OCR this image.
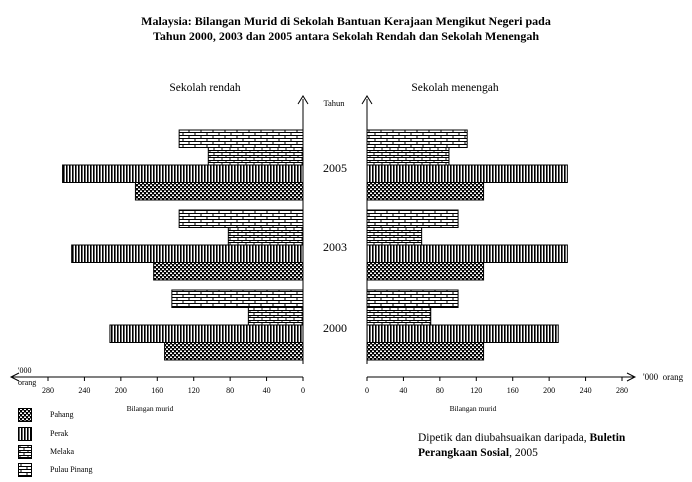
Malaysia: Bilangan Murid di Sekolah Bantuan Kerajaan Mengikut Negeri pada
Tahun 2000, 2003 dan 2005 antara Sekolah Rendah dan Sekolah Menengah
Sekolah rendah	Sekolah menengah
Tahun
'000
orang
'000  orang
Bilangan murid	Bilangan murid
0	0
40	40
80	80
120	120
160	160
200	200
240	240
280	280
2005
2003
2000
Pahang
Perak
Melaka
Pulau Pinang
Dipetik dan diubahsuaikan daripada, Buletin
Perangkaan Sosial, 2005
